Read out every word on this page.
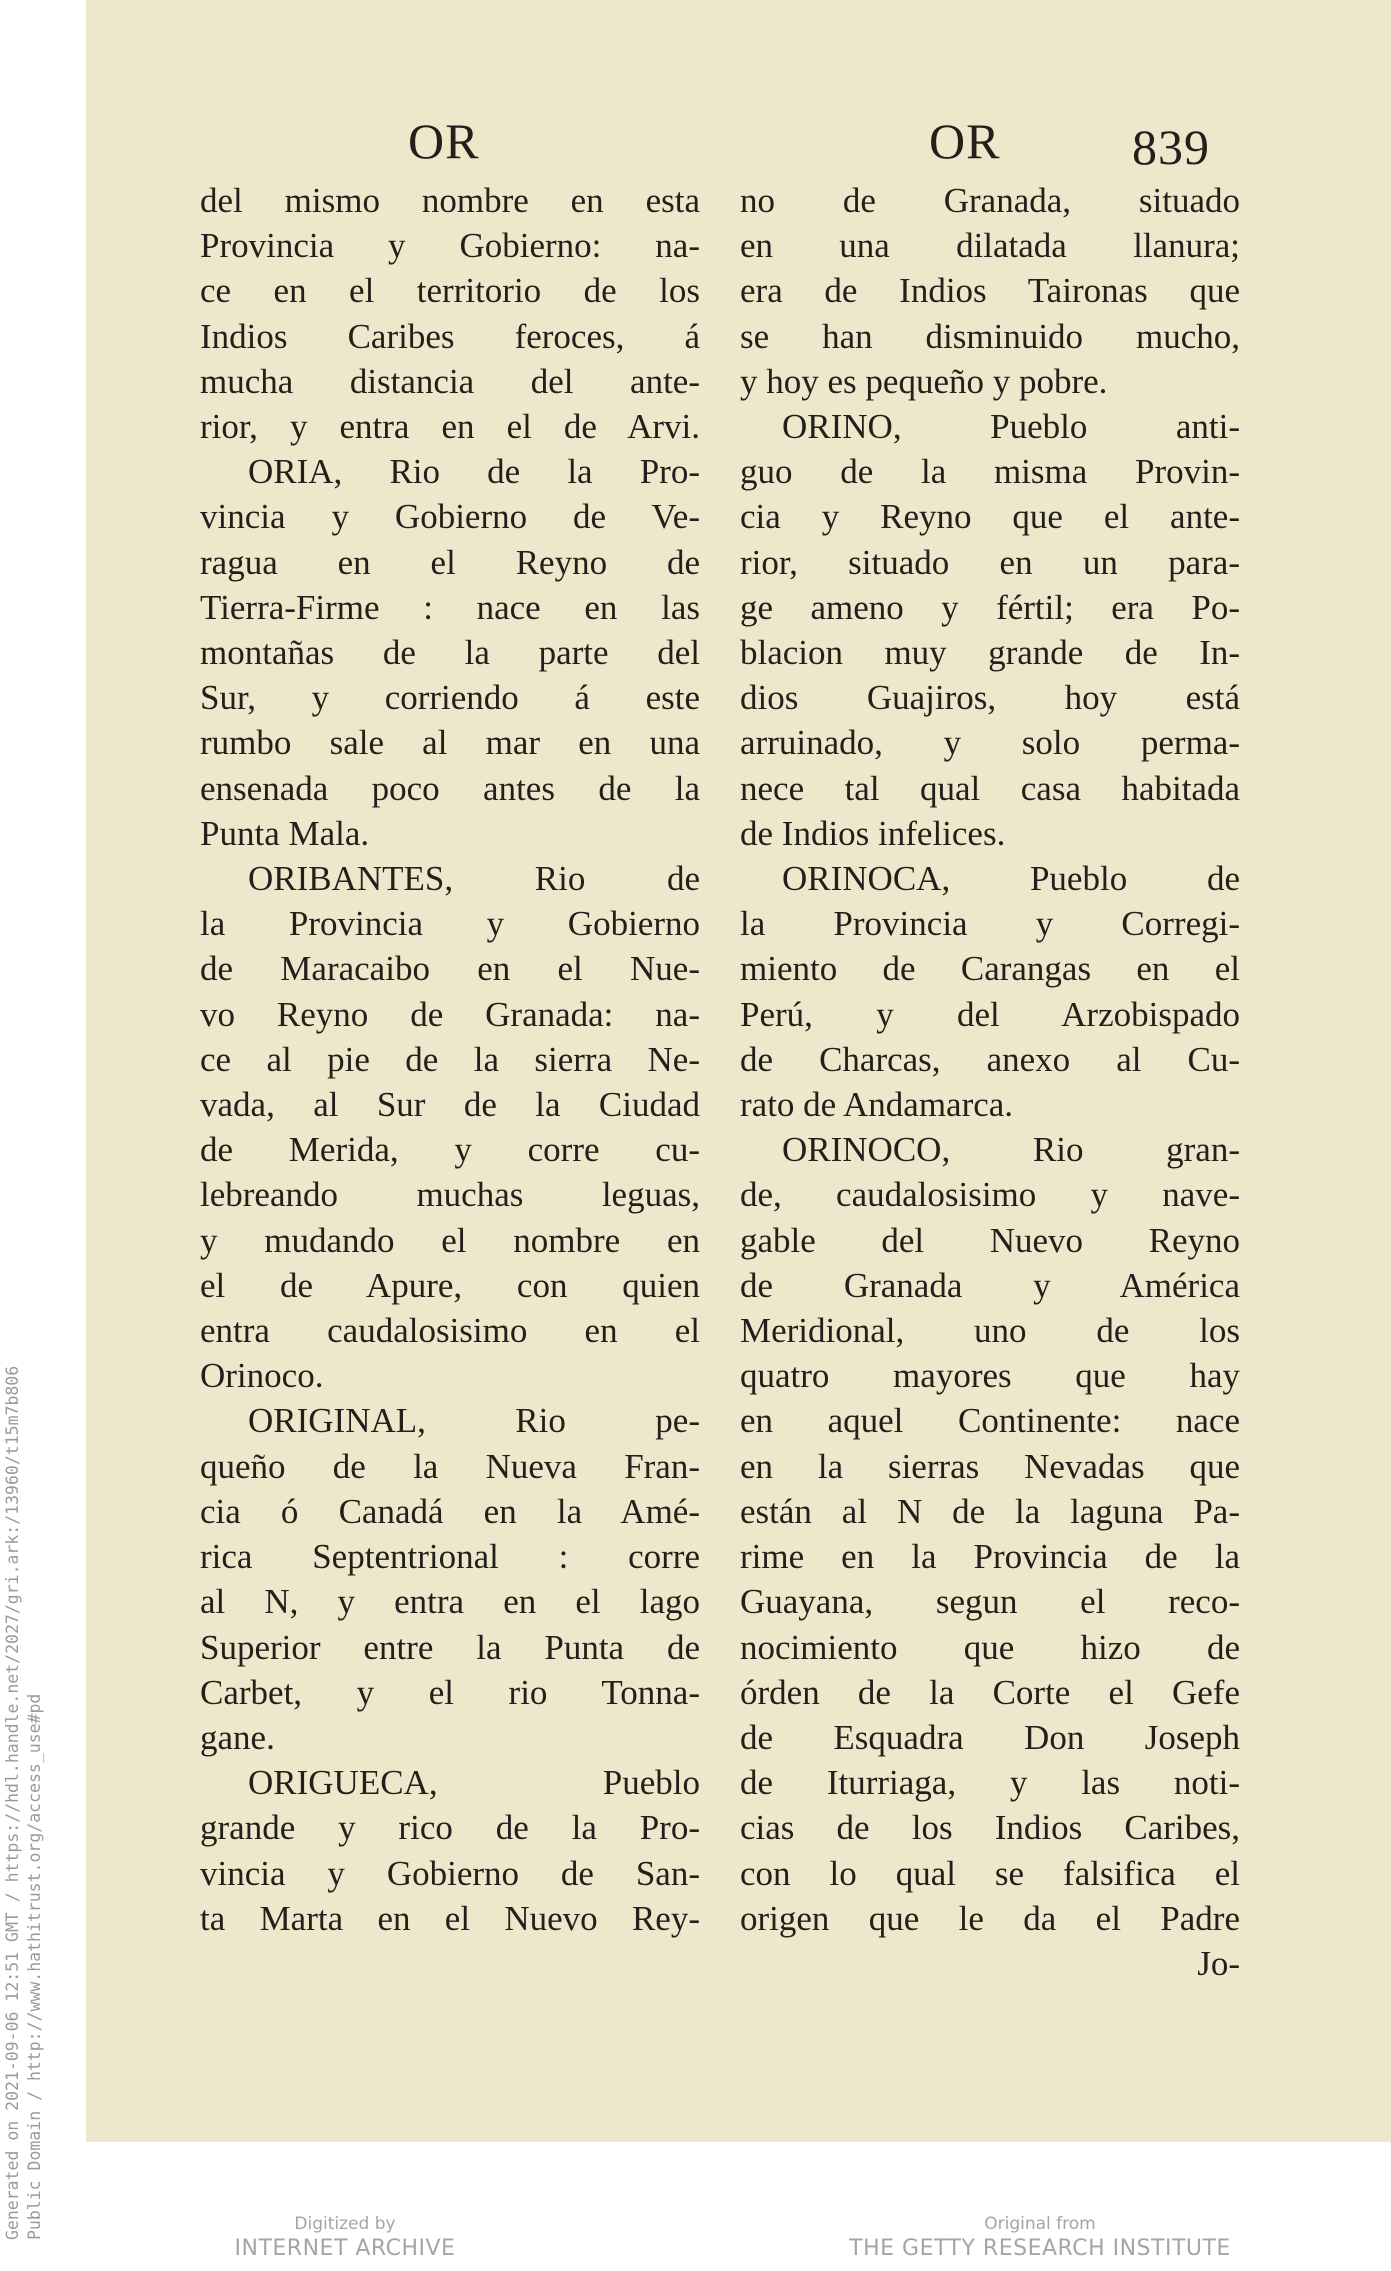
OR	OR	839
del mismo nombre en esta
Provincia y Gobierno: na-
ce en el territorio de los
Indios Caribes feroces, á
mucha distancia del ante-
rior, y entra en el de Arvi.
ORIA, Rio de la Pro-
vincia y Gobierno de Ve-
ragua en el Reyno de
Tierra-Firme : nace en las
montañas de la parte del
Sur, y corriendo á este
rumbo sale al mar en una
ensenada poco antes de la
Punta Mala.
ORIBANTES, Rio de
la Provincia y Gobierno
de Maracaibo en el Nue-
vo Reyno de Granada: na-
ce al pie de la sierra Ne-
vada, al Sur de la Ciudad
de Merida, y corre cu-
lebreando muchas leguas,
y mudando el nombre en
el de Apure, con quien
entra caudalosisimo en el
Orinoco.
ORIGINAL, Rio pe-
queño de la Nueva Fran-
cia ó Canadá en la Amé-
rica Septentrional : corre
al N, y entra en el lago
Superior entre la Punta de
Carbet, y el rio Tonna-
gane.
ORIGUECA, Pueblo
grande y rico de la Pro-
vincia y Gobierno de San-
ta Marta en el Nuevo Rey-
no de Granada, situado
en una dilatada llanura;
era de Indios Taironas que
se han disminuido mucho,
y hoy es pequeño y pobre.
ORINO, Pueblo anti-
guo de la misma Provin-
cia y Reyno que el ante-
rior, situado en un para-
ge ameno y fértil; era Po-
blacion muy grande de In-
dios Guajiros, hoy está
arruinado, y solo perma-
nece tal qual casa habitada
de Indios infelices.
ORINOCA, Pueblo de
la Provincia y Corregi-
miento de Carangas en el
Perú, y del Arzobispado
de Charcas, anexo al Cu-
rato de Andamarca.
ORINOCO, Rio gran-
de, caudalosisimo y nave-
gable del Nuevo Reyno
de Granada y América
Meridional, uno de los
quatro mayores que hay
en aquel Continente: nace
en la sierras Nevadas que
están al N de la laguna Pa-
rime en la Provincia de la
Guayana, segun el reco-
nocimiento que hizo de
órden de la Corte el Gefe
de Esquadra Don Joseph
de Iturriaga, y las noti-
cias de los Indios Caribes,
con lo qual se falsifica el
origen que le da el Padre
Jo-
Generated on 2021-09-06 12:51 GMT / https://hdl.handle.net/2027/gri.ark:/13960/t15m7b806 Public Domain / http://www.hathitrust.org/access_use#pd	Digitized by
INTERNET ARCHIVE
Original from
THE GETTY RESEARCH INSTITUTE
